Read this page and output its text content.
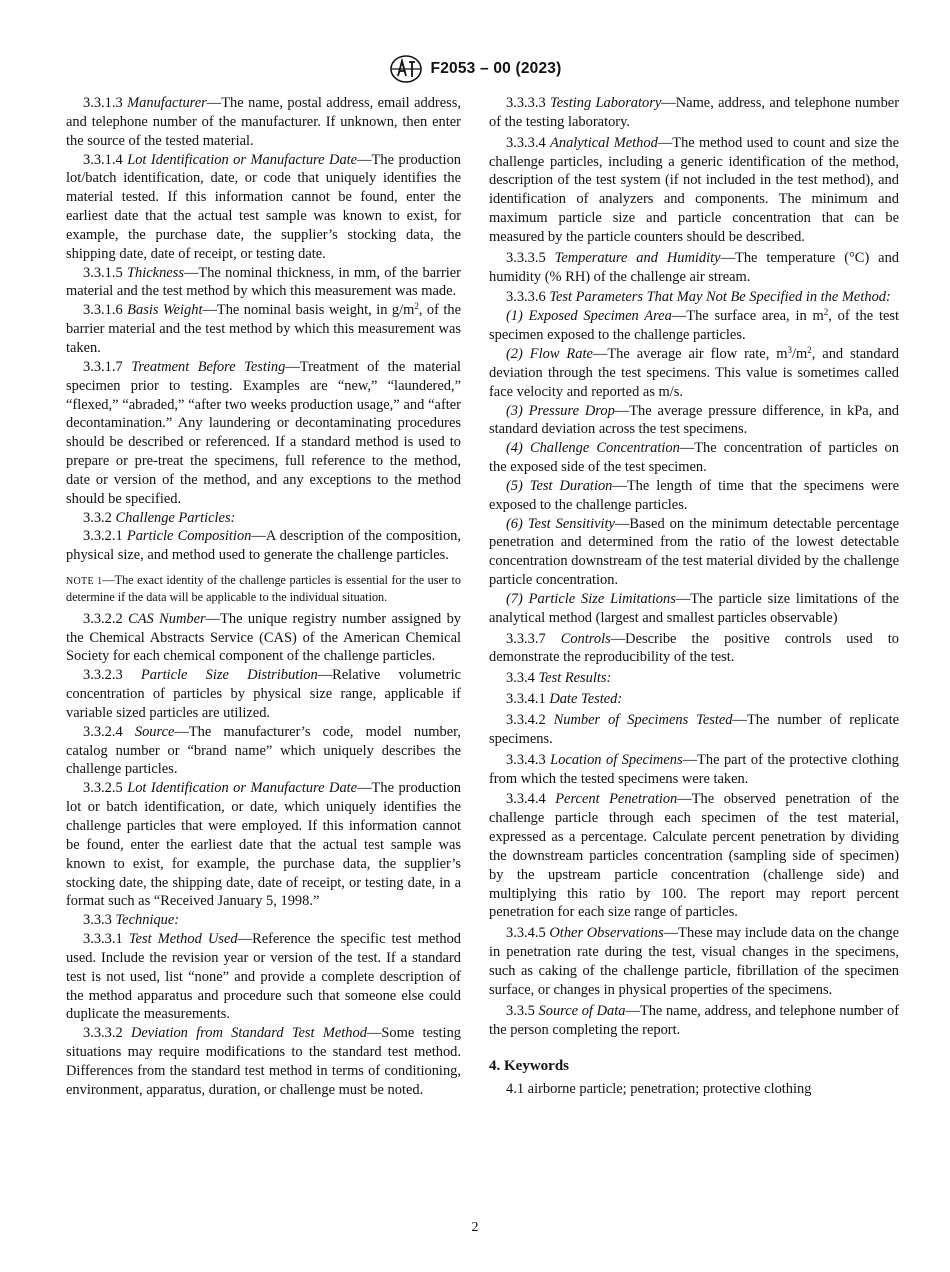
F2053 – 00 (2023)

3.3.1.3 Manufacturer—The name, postal address, email address, and telephone number of the manufacturer. If unknown, then enter the source of the tested material.

3.3.1.4 Lot Identification or Manufacture Date—The production lot/batch identification, date, or code that uniquely identifies the material tested. If this information cannot be found, enter the earliest date that the actual test sample was known to exist, for example, the purchase date, the supplier’s stocking data, the shipping date, date of receipt, or testing date.

3.3.1.5 Thickness—The nominal thickness, in mm, of the barrier material and the test method by which this measurement was made.

3.3.1.6 Basis Weight—The nominal basis weight, in $g/m^2$, of the barrier material and the test method by which this measurement was taken.

3.3.1.7 Treatment Before Testing—Treatment of the material specimen prior to testing. Examples are “new,” “laundered,” “flexed,” “abraded,” “after two weeks production usage,” and “after decontamination.” Any laundering or decontaminating procedures should be described or referenced. If a standard method is used to prepare or pre-treat the specimens, full reference to the method, date or version of the method, and any exceptions to the method should be specified.

3.3.2 Challenge Particles:

3.3.2.1 Particle Composition—A description of the composition, physical size, and method used to generate the challenge particles.

NOTE 1—The exact identity of the challenge particles is essential for the user to determine if the data will be applicable to the individual situation.

3.3.2.2 CAS Number—The unique registry number assigned by the Chemical Abstracts Service (CAS) of the American Chemical Society for each chemical component of the challenge particles.

3.3.2.3 Particle Size Distribution—Relative volumetric concentration of particles by physical size range, applicable if variable sized particles are utilized.

3.3.2.4 Source—The manufacturer’s code, model number, catalog number or “brand name” which uniquely describes the challenge particles.

3.3.2.5 Lot Identification or Manufacture Date—The production lot or batch identification, or date, which uniquely identifies the challenge particles that were employed. If this information cannot be found, enter the earliest date that the actual test sample was known to exist, for example, the purchase data, the supplier’s stocking date, the shipping date, date of receipt, or testing date, in a format such as “Received January 5, 1998.”

3.3.3 Technique:

3.3.3.1 Test Method Used—Reference the specific test method used. Include the revision year or version of the test. If a standard test is not used, list “none” and provide a complete description of the method apparatus and procedure such that someone else could duplicate the measurements.

3.3.3.2 Deviation from Standard Test Method—Some testing situations may require modifications to the standard test method. Differences from the standard test method in terms of conditioning, environment, apparatus, duration, or challenge must be noted.

3.3.3.3 Testing Laboratory—Name, address, and telephone number of the testing laboratory.

3.3.3.4 Analytical Method—The method used to count and size the challenge particles, including a generic identification of the method, description of the test system (if not included in the test method), and identification of analyzers and components. The minimum and maximum particle size and particle concentration that can be measured by the particle counters should be described.

3.3.3.5 Temperature and Humidity—The temperature (°C) and humidity (% RH) of the challenge air stream.

3.3.3.6 Test Parameters That May Not Be Specified in the Method:

(1) Exposed Specimen Area—The surface area, in $m^2$, of the test specimen exposed to the challenge particles.

(2) Flow Rate—The average air flow rate, $m^3/m^2$, and standard deviation through the test specimens. This value is sometimes called face velocity and reported as m/s.

(3) Pressure Drop—The average pressure difference, in kPa, and standard deviation across the test specimens.

(4) Challenge Concentration—The concentration of particles on the exposed side of the test specimen.

(5) Test Duration—The length of time that the specimens were exposed to the challenge particles.

(6) Test Sensitivity—Based on the minimum detectable percentage penetration and determined from the ratio of the lowest detectable concentration downstream of the test material divided by the challenge particle concentration.

(7) Particle Size Limitations—The particle size limitations of the analytical method (largest and smallest particles observable)

3.3.3.7 Controls—Describe the positive controls used to demonstrate the reproducibility of the test.

3.3.4 Test Results:

3.3.4.1 Date Tested:

3.3.4.2 Number of Specimens Tested—The number of replicate specimens.

3.3.4.3 Location of Specimens—The part of the protective clothing from which the tested specimens were taken.

3.3.4.4 Percent Penetration—The observed penetration of the challenge particle through each specimen of the test material, expressed as a percentage. Calculate percent penetration by dividing the downstream particles concentration (sampling side of specimen) by the upstream particle concentration (challenge side) and multiplying this ratio by 100. The report may report percent penetration for each size range of particles.

3.3.4.5 Other Observations—These may include data on the change in penetration rate during the test, visual changes in the specimens, such as caking of the challenge particle, fibrillation of the specimen surface, or changes in physical properties of the specimens.

3.3.5 Source of Data—The name, address, and telephone number of the person completing the report.

4. Keywords

4.1 airborne particle; penetration; protective clothing

2
